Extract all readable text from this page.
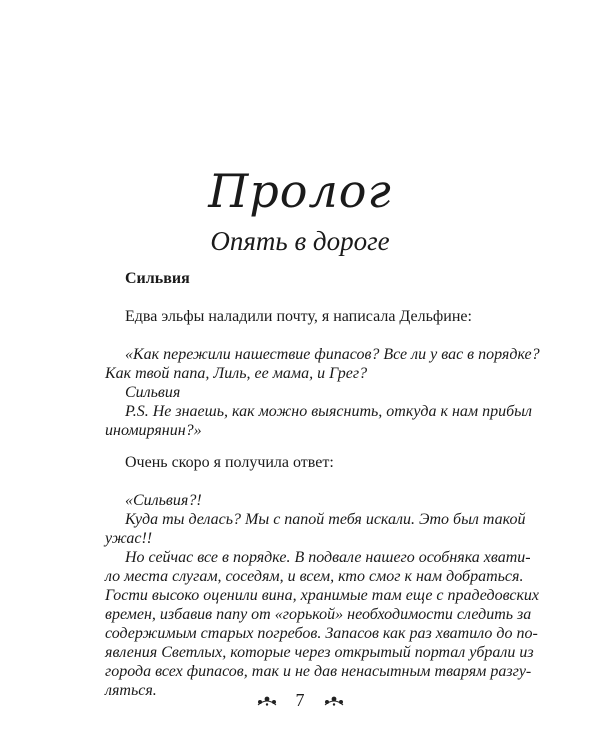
Пролог
Опять в дороге

Сильвия

Едва эльфы наладили почту, я написала Дельфине:

«Как пережили нашествие фипасов? Все ли у вас в порядке?
Как твой папа, Лиль, ее мама, и Грег?
Сильвия
P.S. Не знаешь, как можно выяснить, откуда к нам прибыл
иномирянин?»

Очень скоро я получила ответ:

«Сильвия?!
Куда ты делась? Мы с папой тебя искали. Это был такой
ужас!!
Но сейчас все в порядке. В подвале нашего особняка хвати-
ло места слугам, соседям, и всем, кто смог к нам добраться.
Гости высоко оценили вина, хранимые там еще с прадедовских
времен, избавив папу от «горькой» необходимости следить за
содержимым старых погребов. Запасов как раз хватило до по-
явления Светлых, которые через открытый портал убрали из
города всех фипасов, так и не дав ненасытным тварям разгу-
ляться.	7
